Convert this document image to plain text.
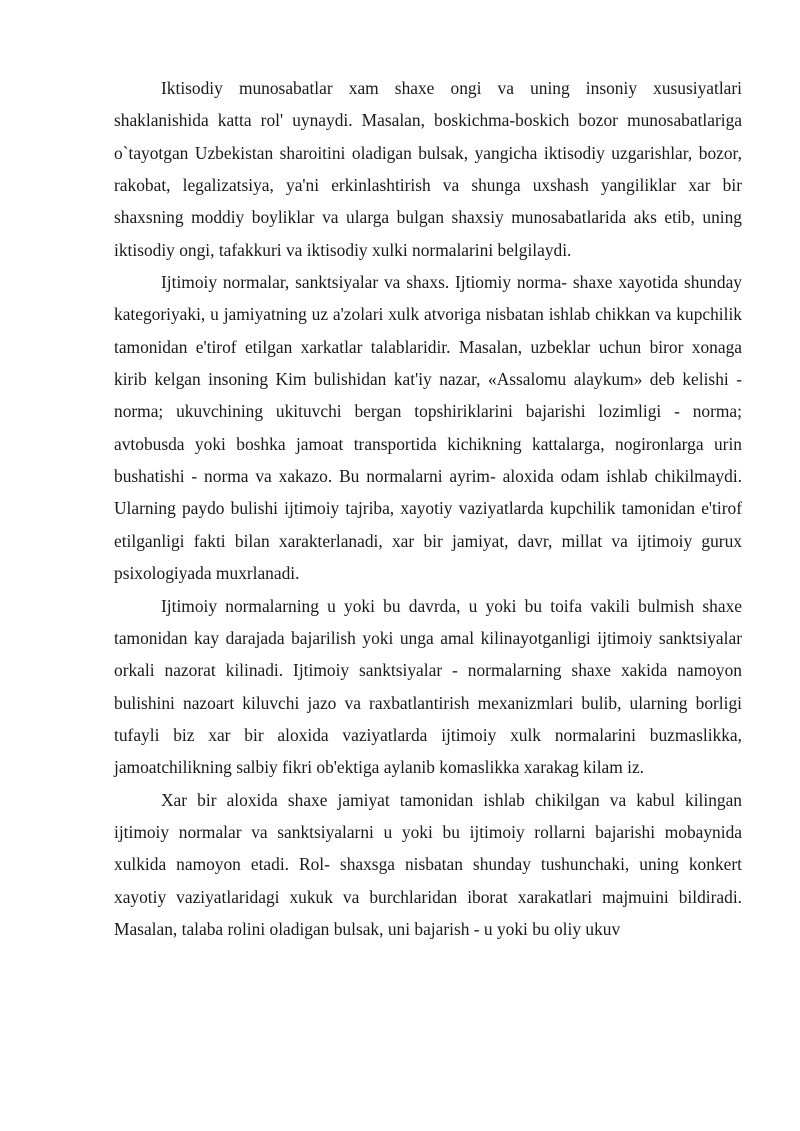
Iktisodiy munosabatlar xam shaxe ongi va uning insoniy xususiyatlari shaklanishida katta rol' uynaydi. Masalan, boskichma-boskich bozor munosabatlariga o`tayotgan Uzbekistan sharoitini oladigan bulsak, yangicha iktisodiy uzgarishlar, bozor, rakobat, legalizatsiya, ya'ni erkinlashtirish va shunga uxshash yangiliklar xar bir shaxsning moddiy boyliklar va ularga bulgan shaxsiy munosabatlarida aks etib, uning iktisodiy ongi, tafakkuri va iktisodiy xulki normalarini belgilaydi.

Ijtimoiy normalar, sanktsiyalar va shaxs. Ijtiomiy norma- shaxe xayotida shunday kategoriyaki, u jamiyatning uz a'zolari xulk atvoriga nisbatan ishlab chikkan va kupchilik tamonidan e'tirof etilgan xarkatlar talablaridir. Masalan, uzbeklar uchun biror xonaga kirib kelgan insoning Kim bulishidan kat'iy nazar, «Assalomu alaykum» deb kelishi - norma; ukuvchining ukituvchi bergan topshiriklarini bajarishi lozimligi - norma; avtobusda yoki boshka jamoat transportida kichikning kattalarga, nogironlarga urin bushatishi - norma va xakazo. Bu normalarni ayrim- aloxida odam ishlab chikilmaydi. Ularning paydo bulishi ijtimoiy tajriba, xayotiy vaziyatlarda kupchilik tamonidan e'tirof etilganligi fakti bilan xarakterlanadi, xar bir jamiyat, davr, millat va ijtimoiy gurux psixologiyada muxrlanadi.

Ijtimoiy normalarning u yoki bu davrda, u yoki bu toifa vakili bulmish shaxe tamonidan kay darajada bajarilish yoki unga amal kilinayotganligi ijtimoiy sanktsiyalar orkali nazorat kilinadi. Ijtimoiy sanktsiyalar - normalarning shaxe xakida namoyon bulishini nazoart kiluvchi jazo va raxbatlantirish mexanizmlari bulib, ularning borligi tufayli biz xar bir aloxida vaziyatlarda ijtimoiy xulk normalarini buzmaslikka, jamoatchilikning salbiy fikri ob'ektiga aylanib komaslikka xarakag kilam iz.

Xar bir aloxida shaxe jamiyat tamonidan ishlab chikilgan va kabul kilingan ijtimoiy normalar va sanktsiyalarni u yoki bu ijtimoiy rollarni bajarishi mobaynida xulkida namoyon etadi. Rol- shaxsga nisbatan shunday tushunchaki, uning konkert xayotiy vaziyatlaridagi xukuk va burchlaridan iborat xarakatlari majmuini bildiradi. Masalan, talaba rolini oladigan bulsak, uni bajarish - u yoki bu oliy ukuv
